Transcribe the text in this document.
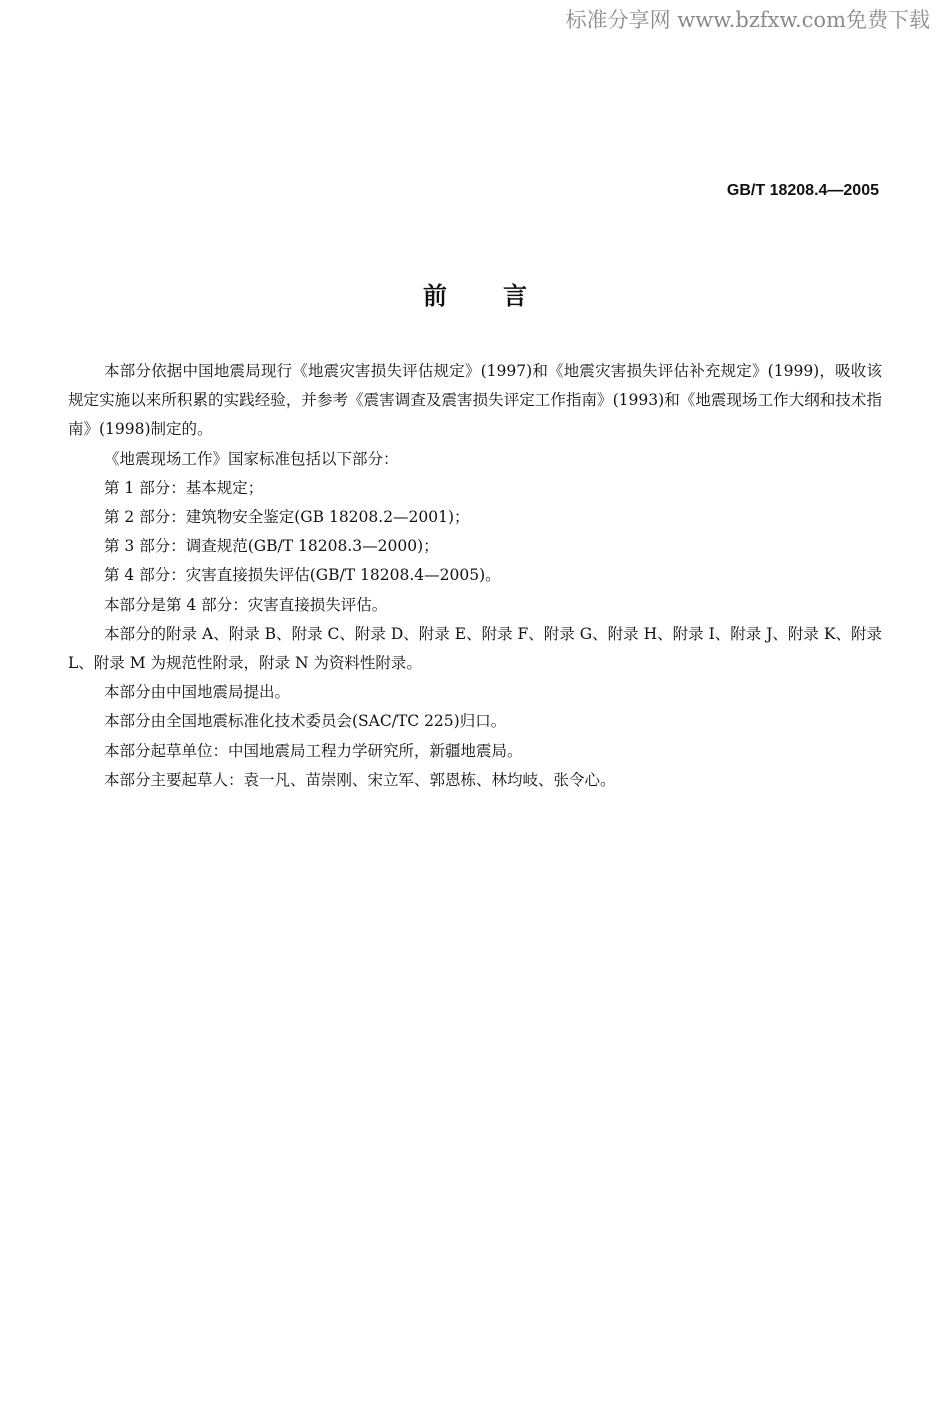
标准分享网 www.bzfxw.com免费下载
GB/T 18208.4—2005
前言

本部分依据中国地震局现行《地震灾害损失评估规定》(1997)和《地震灾害损失评估补充规定》(1999)，吸收该规定实施以来所积累的实践经验，并参考《震害调查及震害损失评定工作指南》(1993)和《地震现场工作大纲和技术指南》(1998)制定的。

《地震现场工作》国家标准包括以下部分：

第 1 部分：基本规定；

第 2 部分：建筑物安全鉴定(GB 18208.2—2001)；

第 3 部分：调查规范(GB/T 18208.3—2000)；

第 4 部分：灾害直接损失评估(GB/T 18208.4—2005)。

本部分是第 4 部分：灾害直接损失评估。

本部分的附录 A、附录 B、附录 C、附录 D、附录 E、附录 F、附录 G、附录 H、附录 I、附录 J、附录 K、附录 L、附录 M 为规范性附录，附录 N 为资料性附录。

本部分由中国地震局提出。

本部分由全国地震标准化技术委员会(SAC/TC 225)归口。

本部分起草单位：中国地震局工程力学研究所，新疆地震局。

本部分主要起草人：袁一凡、苗崇刚、宋立军、郭恩栋、林均岐、张令心。
